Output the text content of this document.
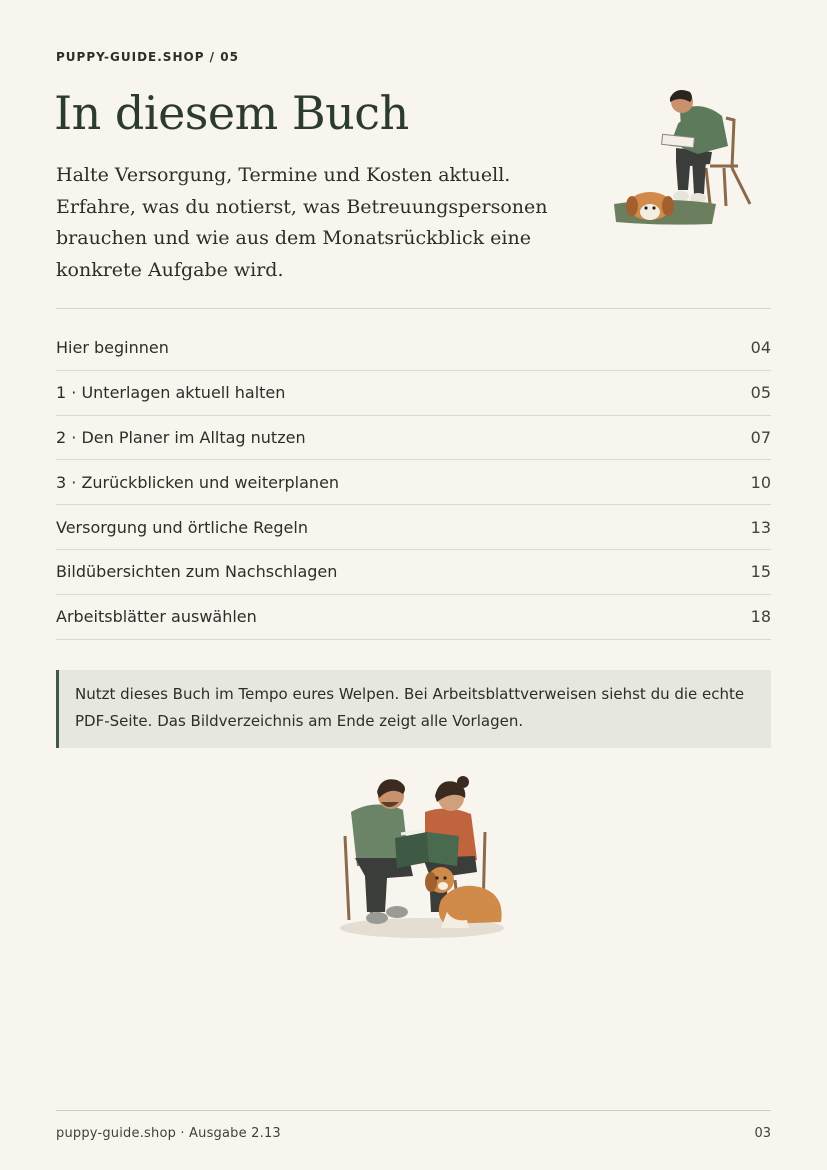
PUPPY-GUIDE.SHOP / 05
In diesem Buch

Halte Versorgung, Termine und Kosten aktuell. Erfahre, was du notierst, was Betreuungspersonen brauchen und wie aus dem Monatsrückblick eine konkrete Aufgabe wird.

Hier beginnen	04
1 · Unterlagen aktuell halten	05
2 · Den Planer im Alltag nutzen	07
3 · Zurückblicken und weiterplanen	10
Versorgung und örtliche Regeln	13
Bildübersichten zum Nachschlagen	15
Arbeitsblätter auswählen	18
Nutzt dieses Buch im Tempo eures Welpen. Bei Arbeitsblattverweisen siehst du die echte PDF-Seite. Das Bildverzeichnis am Ende zeigt alle Vorlagen.
puppy-guide.shop · Ausgabe 2.13	03
